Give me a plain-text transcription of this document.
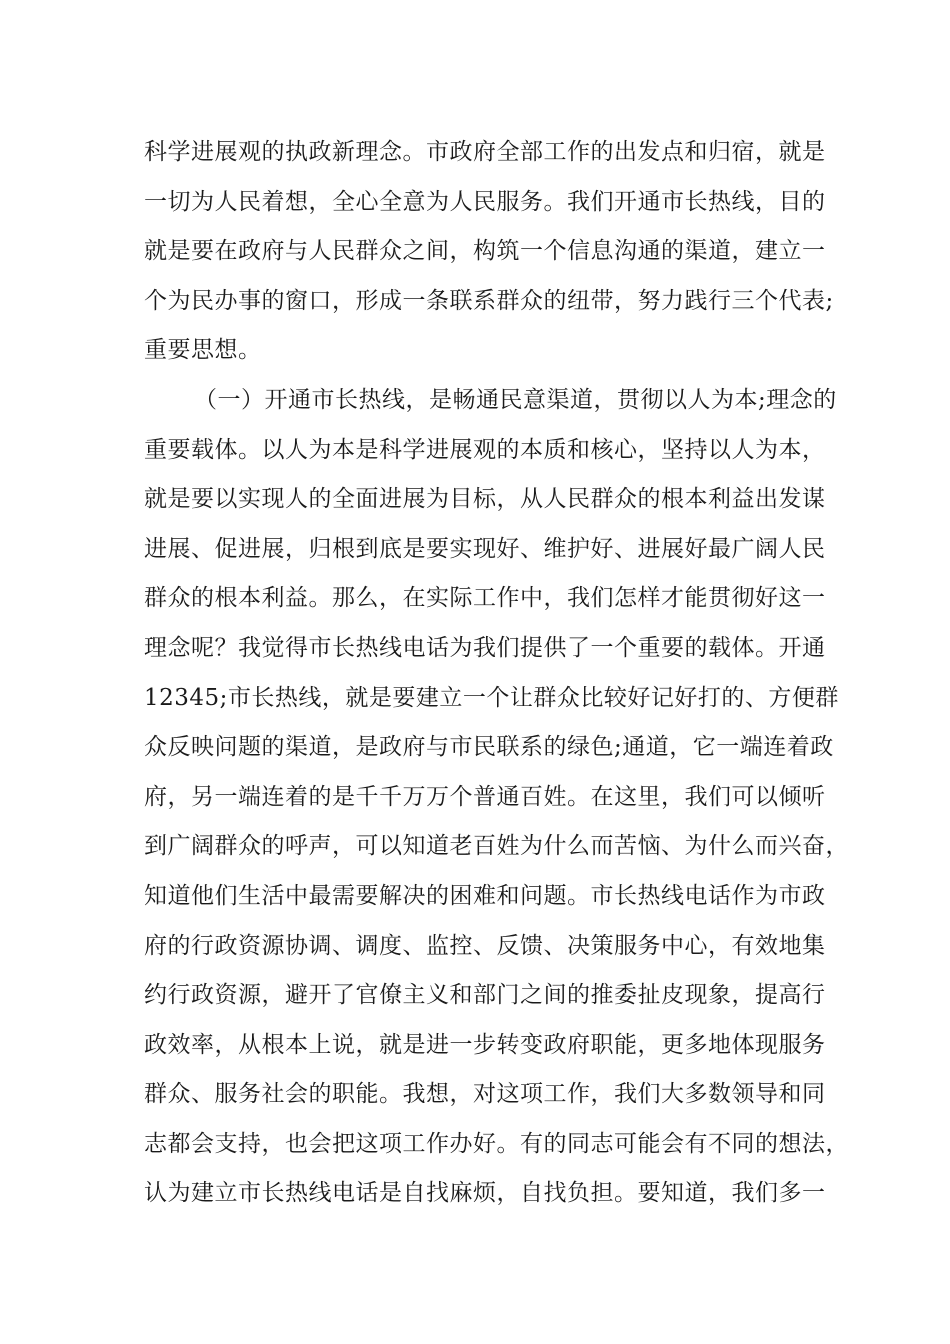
科学进展观的执政新理念。市政府全部工作的出发点和归宿，就是
一切为人民着想，全心全意为人民服务。我们开通市长热线，目的
就是要在政府与人民群众之间，构筑一个信息沟通的渠道，建立一
个为民办事的窗口，形成一条联系群众的纽带，努力践行三个代表;
重要思想。
（一）开通市长热线，是畅通民意渠道，贯彻以人为本;理念的
重要载体。以人为本是科学进展观的本质和核心，坚持以人为本，
就是要以实现人的全面进展为目标，从人民群众的根本利益出发谋
进展、促进展，归根到底是要实现好、维护好、进展好最广阔人民
群众的根本利益。那么，在实际工作中，我们怎样才能贯彻好这一
理念呢？我觉得市长热线电话为我们提供了一个重要的载体。开通
12345;市长热线，就是要建立一个让群众比较好记好打的、方便群
众反映问题的渠道，是政府与市民联系的绿色;通道，它一端连着政
府，另一端连着的是千千万万个普通百姓。在这里，我们可以倾听
到广阔群众的呼声，可以知道老百姓为什么而苦恼、为什么而兴奋，
知道他们生活中最需要解决的困难和问题。市长热线电话作为市政
府的行政资源协调、调度、监控、反馈、决策服务中心，有效地集
约行政资源，避开了官僚主义和部门之间的推委扯皮现象，提高行
政效率，从根本上说，就是进一步转变政府职能，更多地体现服务
群众、服务社会的职能。我想，对这项工作，我们大多数领导和同
志都会支持，也会把这项工作办好。有的同志可能会有不同的想法，
认为建立市长热线电话是自找麻烦，自找负担。要知道，我们多一
